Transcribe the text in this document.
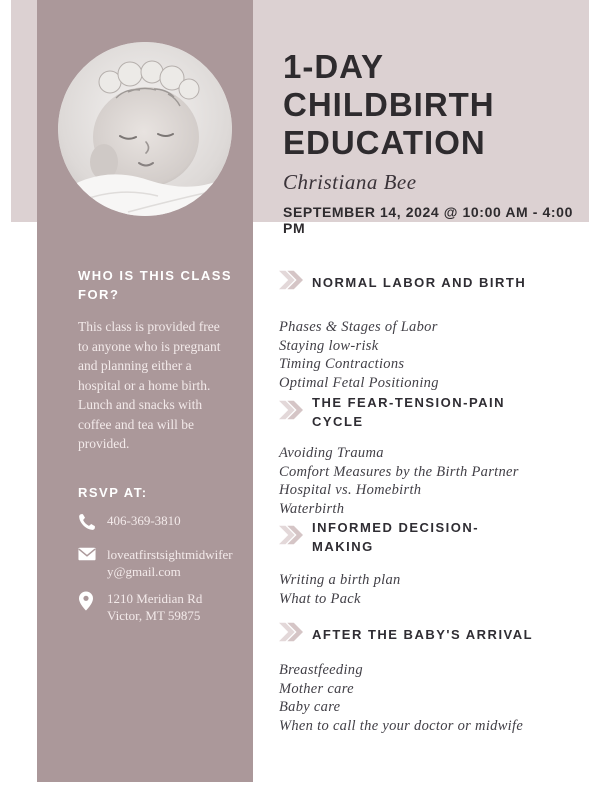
1-DAY CHILDBIRTH EDUCATION
Christiana Bee
SEPTEMBER 14, 2024 @ 10:00 AM - 4:00 PM
WHO IS THIS CLASS FOR?
This class is provided free to anyone who is pregnant and planning either a hospital or a home birth. Lunch and snacks with coffee and tea will be provided.
RSVP AT:
406-369-3810
loveatfirstsightmidwifery@gmail.com
1210 Meridian Rd
Victor, MT 59875
NORMAL LABOR AND BIRTH
Phases & Stages of Labor
Staying low-risk
Timing Contractions
Optimal Fetal Positioning
THE FEAR-TENSION-PAIN CYCLE
Avoiding Trauma
Comfort Measures by the Birth Partner
Hospital vs. Homebirth
Waterbirth
INFORMED DECISION-MAKING
Writing a birth plan
What to Pack
AFTER THE BABY'S ARRIVAL
Breastfeeding
Mother care
Baby care
When to call the your doctor or midwife
